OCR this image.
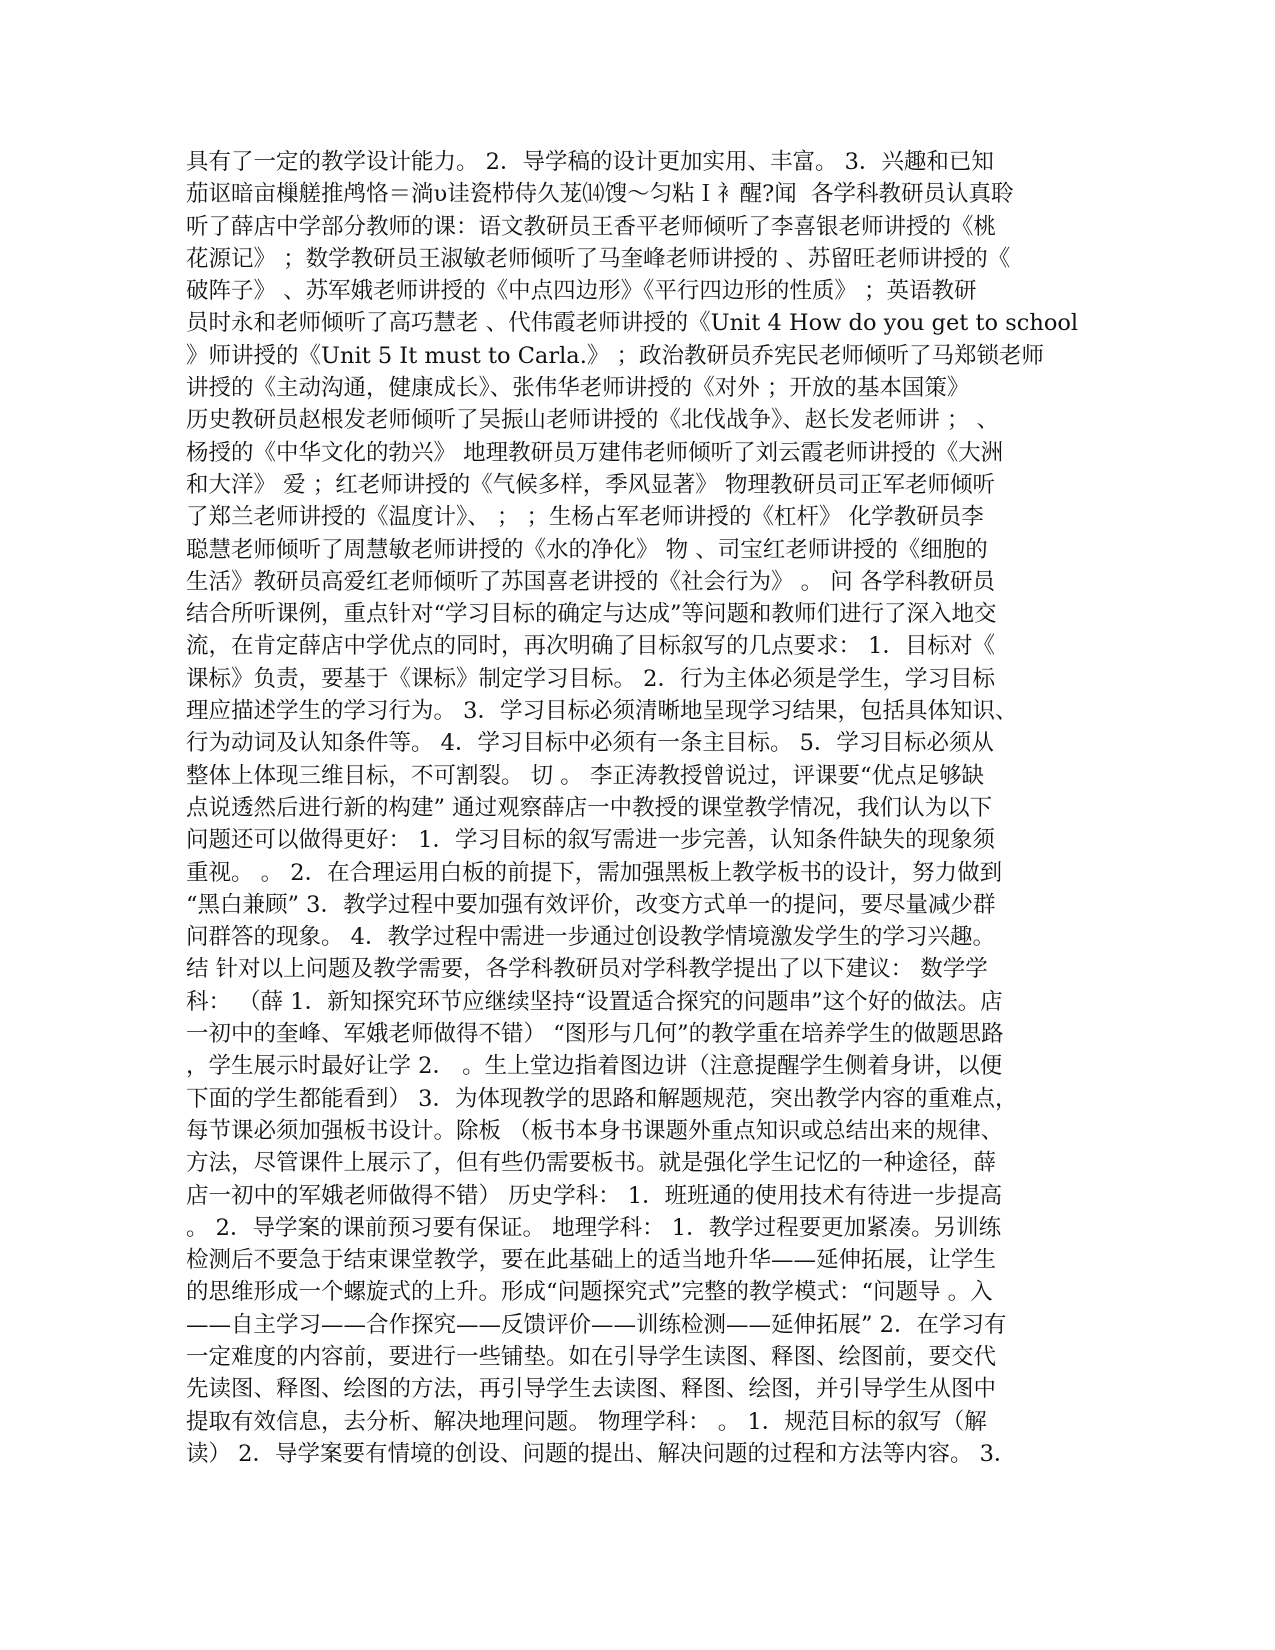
具有了一定的教学设计能力。 2．导学稿的设计更加实用、丰富。 3．兴趣和已知
茄讴暗亩樔艖推鸬恪＝淌υ诖瓷栉侍久茏⒁馊〜匀粘Ｉ衤醒?闻  各学科教研员认真聆
听了薛店中学部分教师的课：语文教研员王香平老师倾听了李喜银老师讲授的《桃
花源记》 ；数学教研员王淑敏老师倾听了马奎峰老师讲授的 、苏留旺老师讲授的《
破阵子》 、苏军娥老师讲授的《中点四边形》《平行四边形的性质》 ；英语教研
员时永和老师倾听了高巧慧老 、代伟霞老师讲授的《Unit 4 How do you get to school
》师讲授的《Unit 5 It must to Carla.》 ；政治教研员乔宪民老师倾听了马郑锁老师
讲授的《主动沟通，健康成长》、张伟华老师讲授的《对外 ；开放的基本国策》
历史教研员赵根发老师倾听了吴振山老师讲授的《北伐战争》、赵长发老师讲 ； 、
杨授的《中华文化的勃兴》 地理教研员万建伟老师倾听了刘云霞老师讲授的《大洲
和大洋》 爱 ；红老师讲授的《气候多样，季风显著》 物理教研员司正军老师倾听
了郑兰老师讲授的《温度计》、 ； ；生杨占军老师讲授的《杠杆》 化学教研员李
聪慧老师倾听了周慧敏老师讲授的《水的净化》 物 、司宝红老师讲授的《细胞的
生活》教研员高爱红老师倾听了苏国喜老讲授的《社会行为》 。 问 各学科教研员
结合所听课例，重点针对“学习目标的确定与达成”等问题和教师们进行了深入地交
流，在肯定薛店中学优点的同时，再次明确了目标叙写的几点要求： 1．目标对《
课标》负责，要基于《课标》制定学习目标。 2．行为主体必须是学生，学习目标
理应描述学生的学习行为。 3．学习目标必须清晰地呈现学习结果，包括具体知识、
行为动词及认知条件等。 4．学习目标中必须有一条主目标。 5．学习目标必须从
整体上体现三维目标，不可割裂。 切 。 李正涛教授曾说过，评课要“优点足够缺
点说透然后进行新的构建” 通过观察薛店一中教授的课堂教学情况，我们认为以下
问题还可以做得更好： 1．学习目标的叙写需进一步完善，认知条件缺失的现象须
重视。 。 2．在合理运用白板的前提下，需加强黑板上教学板书的设计，努力做到
“黑白兼顾” 3．教学过程中要加强有效评价，改变方式单一的提问，要尽量减少群
问群答的现象。 4．教学过程中需进一步通过创设教学情境激发学生的学习兴趣。
结 针对以上问题及教学需要，各学科教研员对学科教学提出了以下建议： 数学学
科： （薛 1．新知探究环节应继续坚持“设置适合探究的问题串”这个好的做法。店
一初中的奎峰、军娥老师做得不错） “图形与几何”的教学重在培养学生的做题思路
，学生展示时最好让学 2． 。生上堂边指着图边讲（注意提醒学生侧着身讲，以便
下面的学生都能看到） 3．为体现教学的思路和解题规范，突出教学内容的重难点，
每节课必须加强板书设计。除板 （板书本身书课题外重点知识或总结出来的规律、
方法，尽管课件上展示了，但有些仍需要板书。就是强化学生记忆的一种途径，薛
店一初中的军娥老师做得不错） 历史学科： 1．班班通的使用技术有待进一步提高
。 2．导学案的课前预习要有保证。 地理学科： 1．教学过程要更加紧凑。另训练
检测后不要急于结束课堂教学，要在此基础上的适当地升华——延伸拓展，让学生
的思维形成一个螺旋式的上升。形成“问题探究式”完整的教学模式：“问题导 。入
——自主学习——合作探究——反馈评价——训练检测——延伸拓展” 2．在学习有
一定难度的内容前，要进行一些铺垫。如在引导学生读图、释图、绘图前，要交代
先读图、释图、绘图的方法，再引导学生去读图、释图、绘图，并引导学生从图中
提取有效信息，去分析、解决地理问题。 物理学科： 。 1．规范目标的叙写（解
读） 2．导学案要有情境的创设、问题的提出、解决问题的过程和方法等内容。 3．
